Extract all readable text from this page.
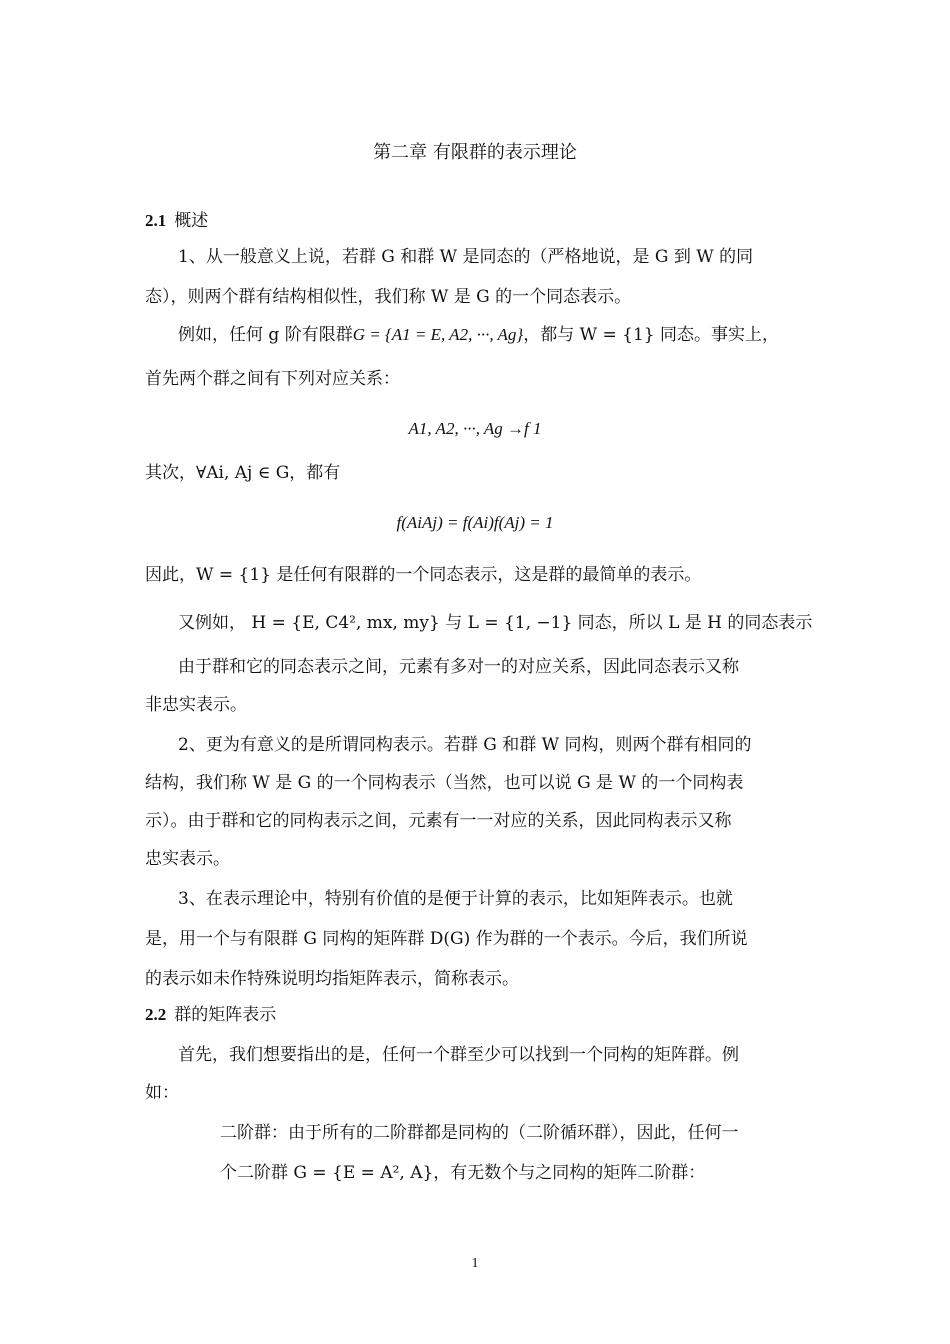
第二章 有限群的表示理论
2.1 概述
1、从一般意义上说，若群 G 和群 W 是同态的（严格地说，是 G 到 W 的同
态），则两个群有结构相似性，我们称 W 是 G 的一个同态表示。
例如，任何 g 阶有限群G = {A1 = E, A2, ···, Ag}，都与 W = {1} 同态。事实上，
首先两个群之间有下列对应关系：
A1, A2, ···, Ag →f 1
其次，∀Ai, Aj ∈ G，都有
f(AiAj) = f(Ai)f(Aj) = 1
因此，W = {1} 是任何有限群的一个同态表示，这是群的最简单的表示。
又例如， H = {E, C4², mx, my} 与 L = {1, −1} 同态，所以 L 是 H 的同态表示
由于群和它的同态表示之间，元素有多对一的对应关系，因此同态表示又称
非忠实表示。
2、更为有意义的是所谓同构表示。若群 G 和群 W 同构，则两个群有相同的
结构，我们称 W 是 G 的一个同构表示（当然，也可以说 G 是 W 的一个同构表
示）。由于群和它的同构表示之间，元素有一一对应的关系，因此同构表示又称
忠实表示。
3、在表示理论中，特别有价值的是便于计算的表示，比如矩阵表示。也就
是，用一个与有限群 G 同构的矩阵群 D(G) 作为群的一个表示。今后，我们所说
的表示如未作特殊说明均指矩阵表示，简称表示。
2.2 群的矩阵表示
首先，我们想要指出的是，任何一个群至少可以找到一个同构的矩阵群。例
如：
二阶群：由于所有的二阶群都是同构的（二阶循环群），因此，任何一
个二阶群 G = {E = A², A}，有无数个与之同构的矩阵二阶群：
1
